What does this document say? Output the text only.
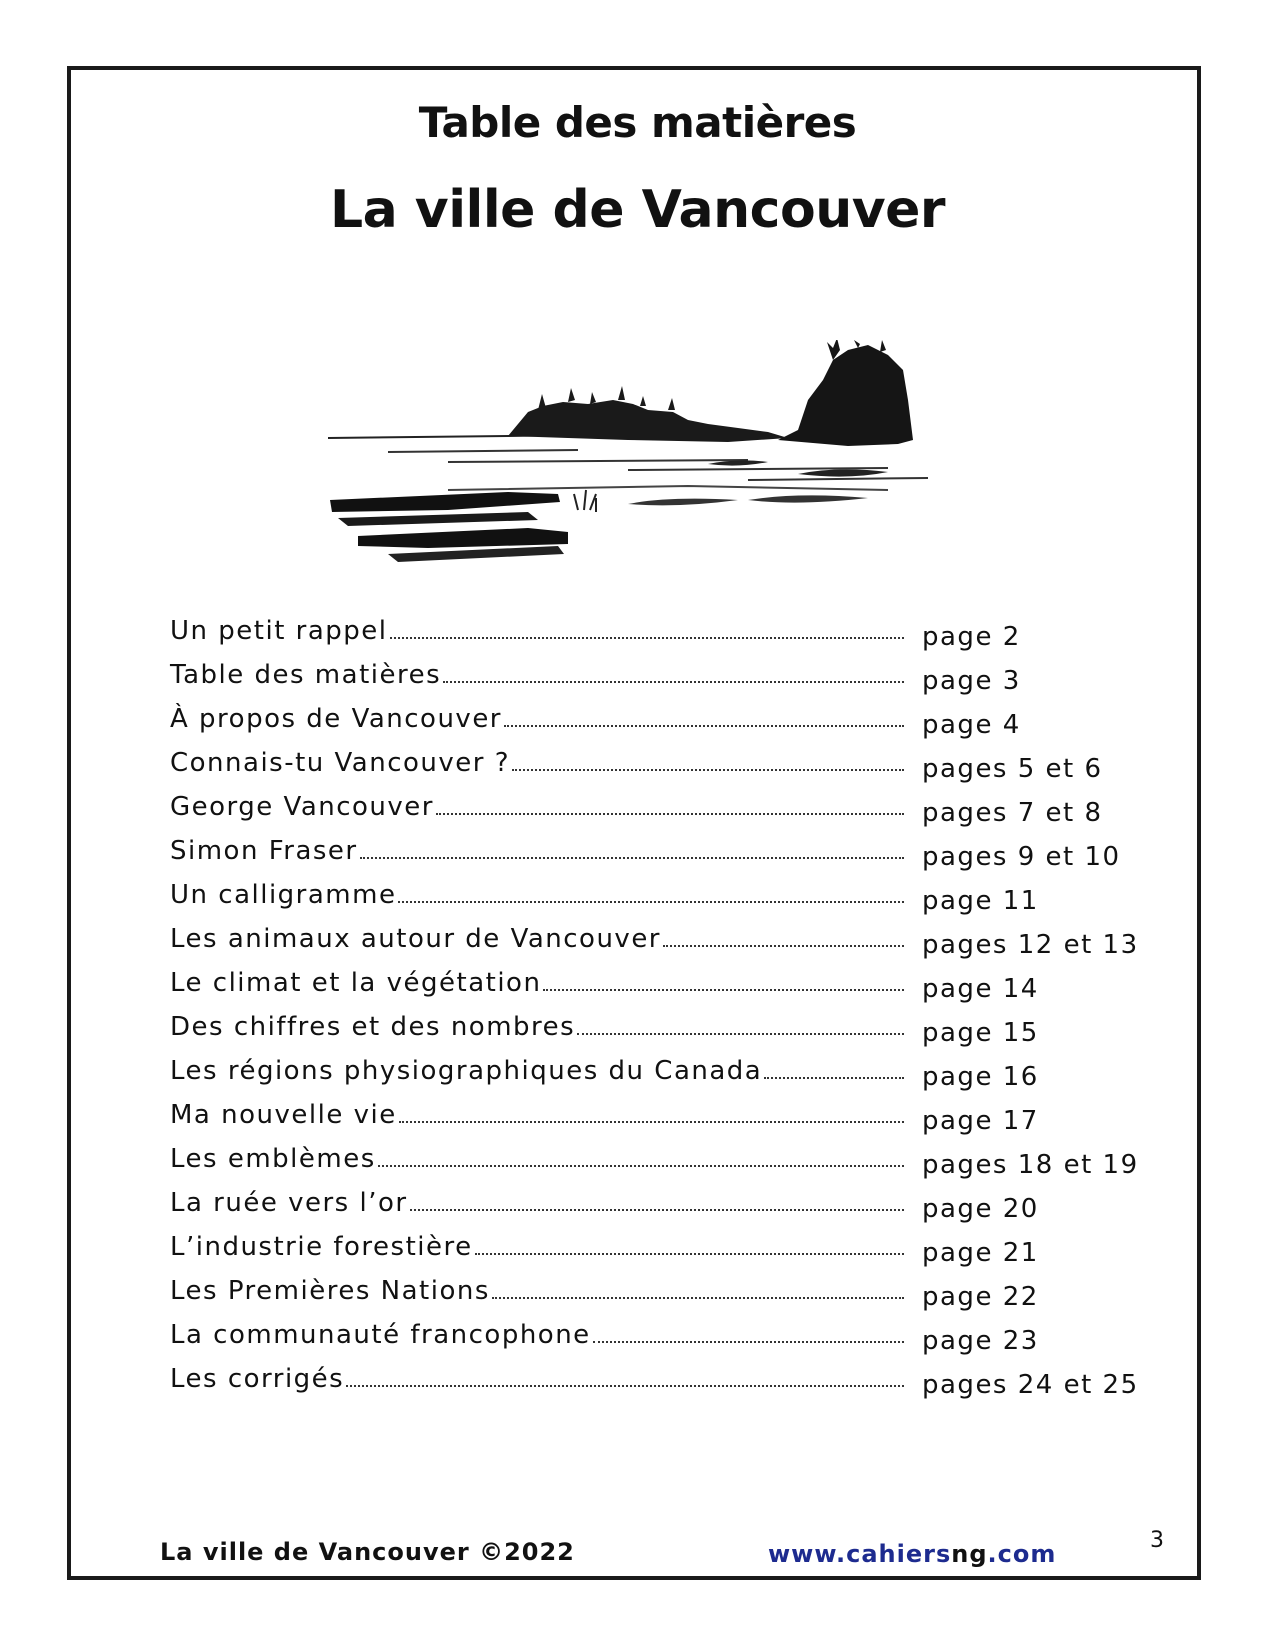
Table des matières
La ville de Vancouver
Un petit rappel	page 2
Table des matières	page 3
À propos de Vancouver	page 4
Connais-tu Vancouver ?	pages 5 et 6
George Vancouver	pages 7 et 8
Simon Fraser	pages 9 et 10
Un calligramme	page 11
Les animaux autour de Vancouver	pages 12 et 13
Le climat et la végétation	page 14
Des chiffres et des nombres	page 15
Les régions physiographiques du Canada	page 16
Ma nouvelle vie	page 17
Les emblèmes	pages 18 et 19
La ruée vers l’or	page 20
L’industrie forestière	page 21
Les Premières Nations	page 22
La communauté francophone	page 23
Les corrigés	pages 24 et 25
La ville de Vancouver ©2022	www.cahiersng.com	3
